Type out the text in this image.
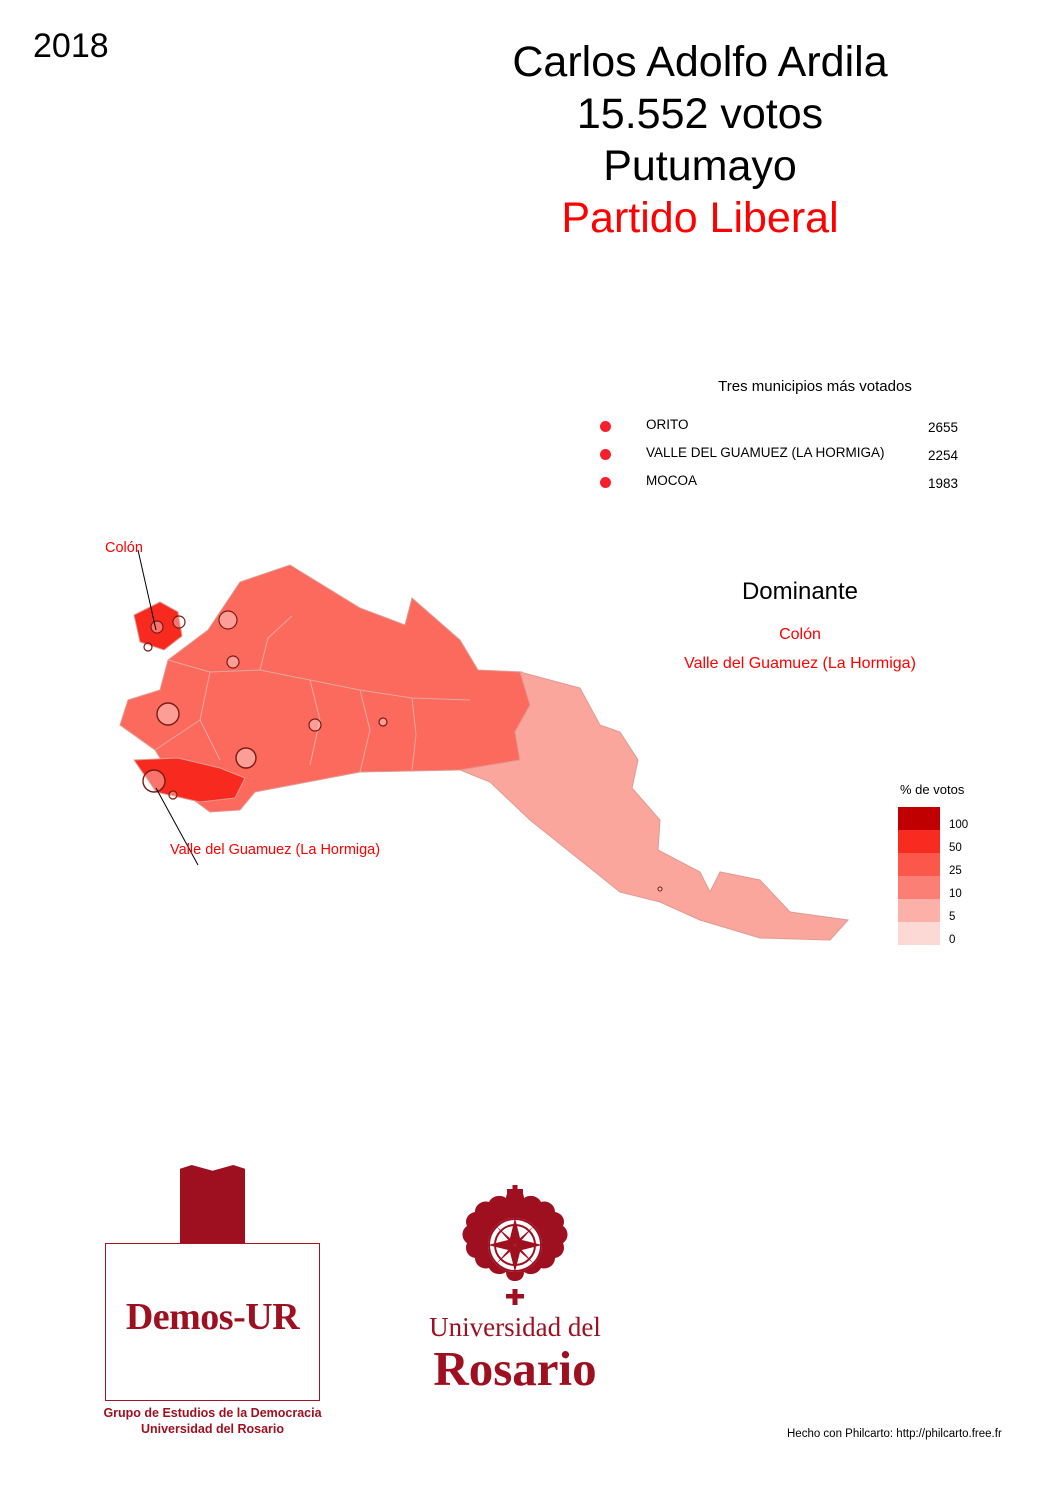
2018	Carlos Adolfo Ardila
15.552 votos
Putumayo
Partido Liberal
Tres municipios más votados
ORITO	2655
VALLE DEL GUAMUEZ (LA HORMIGA)	2254
MOCOA	1983
Dominante
Colón
Valle del Guamuez (La Hormiga)
Colón
Valle del Guamuez (La Hormiga)
% de votos
100
50
25
10
5
0
Demos-UR
Grupo de Estudios de la Democracia
Universidad del Rosario
Universidad del
Rosario
Hecho con Philcarto: http://philcarto.free.fr
